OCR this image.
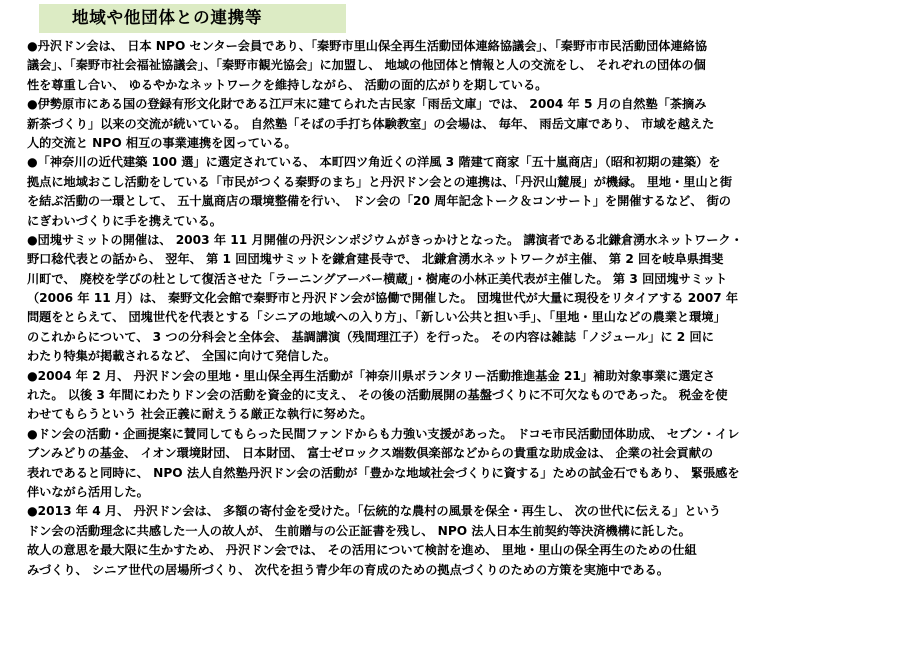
地域や他団体との連携等
●丹沢ドン会は、 日本 NPO センター会員であり、「秦野市里山保全再生活動団体連絡協議会」、「秦野市市民活動団体連絡協
議会」、「秦野市社会福祉協議会」、「秦野市観光協会」に加盟し、 地域の他団体と情報と人の交流をし、 それぞれの団体の個
性を尊重し合い、 ゆるやかなネットワークを維持しながら、 活動の面的広がりを期している。
●伊勢原市にある国の登録有形文化財である江戸末に建てられた古民家「雨岳文庫」では、 2004 年 5 月の自然塾「茶摘み
新茶づくり」以来の交流が続いている。 自然塾「そばの手打ち体験教室」の会場は、 毎年、 雨岳文庫であり、 市域を越えた
人的交流と NPO 相互の事業連携を図っている。
●「神奈川の近代建築 100 選」に選定されている、 本町四ツ角近くの洋風 3 階建て商家「五十嵐商店」（昭和初期の建築）を
拠点に地域おこし活動をしている「市民がつくる秦野のまち」と丹沢ドン会との連携は、「丹沢山麓展」が機縁。 里地・里山と街
を結ぶ活動の一環として、 五十嵐商店の環境整備を行い、 ドン会の「20 周年記念トーク＆コンサート」を開催するなど、 街の
にぎわいづくりに手を携えている。
●団塊サミットの開催は、 2003 年 11 月開催の丹沢シンポジウムがきっかけとなった。 講演者である北鎌倉湧水ネットワーク・
野口稔代表との話から、 翌年、 第 1 回団塊サミットを鎌倉建長寺で、 北鎌倉湧水ネットワークが主催、 第 2 回を岐阜県揖斐
川町で、 廃校を学びの杜として復活させた「ラーニングアーバー横蔵」・樹庵の小林正美代表が主催した。 第 3 回団塊サミット
（2006 年 11 月）は、 秦野文化会館で秦野市と丹沢ドン会が協働で開催した。 団塊世代が大量に現役をリタイアする 2007 年
問題をとらえて、 団塊世代を代表とする「シニアの地域への入り方」、「新しい公共と担い手」、「里地・里山などの農業と環境」
のこれからについて、 3 つの分科会と全体会、 基調講演（残間理江子）を行った。 その内容は雑誌「ノジュール」に 2 回に
わたり特集が掲載されるなど、 全国に向けて発信した。
●2004 年 2 月、 丹沢ドン会の里地・里山保全再生活動が「神奈川県ボランタリー活動推進基金 21」補助対象事業に選定さ
れた。 以後 3 年間にわたりドン会の活動を資金的に支え、 その後の活動展開の基盤づくりに不可欠なものであった。 税金を使
わせてもらうという 社会正義に耐えうる厳正な執行に努めた。
●ドン会の活動・企画提案に賛同してもらった民間ファンドからも力強い支援があった。 ドコモ市民活動団体助成、 セブン・イレ
ブンみどりの基金、 イオン環境財団、 日本財団、 富士ゼロックス端数倶楽部などからの貴重な助成金は、 企業の社会貢献の
表れであると同時に、 NPO 法人自然塾丹沢ドン会の活動が「豊かな地域社会づくりに資する」ための試金石でもあり、 緊張感を
伴いながら活用した。
●2013 年 4 月、 丹沢ドン会は、 多額の寄付金を受けた。「伝統的な農村の風景を保全・再生し、 次の世代に伝える」という
ドン会の活動理念に共感した一人の故人が、 生前贈与の公正証書を残し、 NPO 法人日本生前契約等決済機構に託した。
故人の意思を最大限に生かすため、 丹沢ドン会では、 その活用について検討を進め、 里地・里山の保全再生のための仕組
みづくり、 シニア世代の居場所づくり、 次代を担う青少年の育成のための拠点づくりのための方策を実施中である。
